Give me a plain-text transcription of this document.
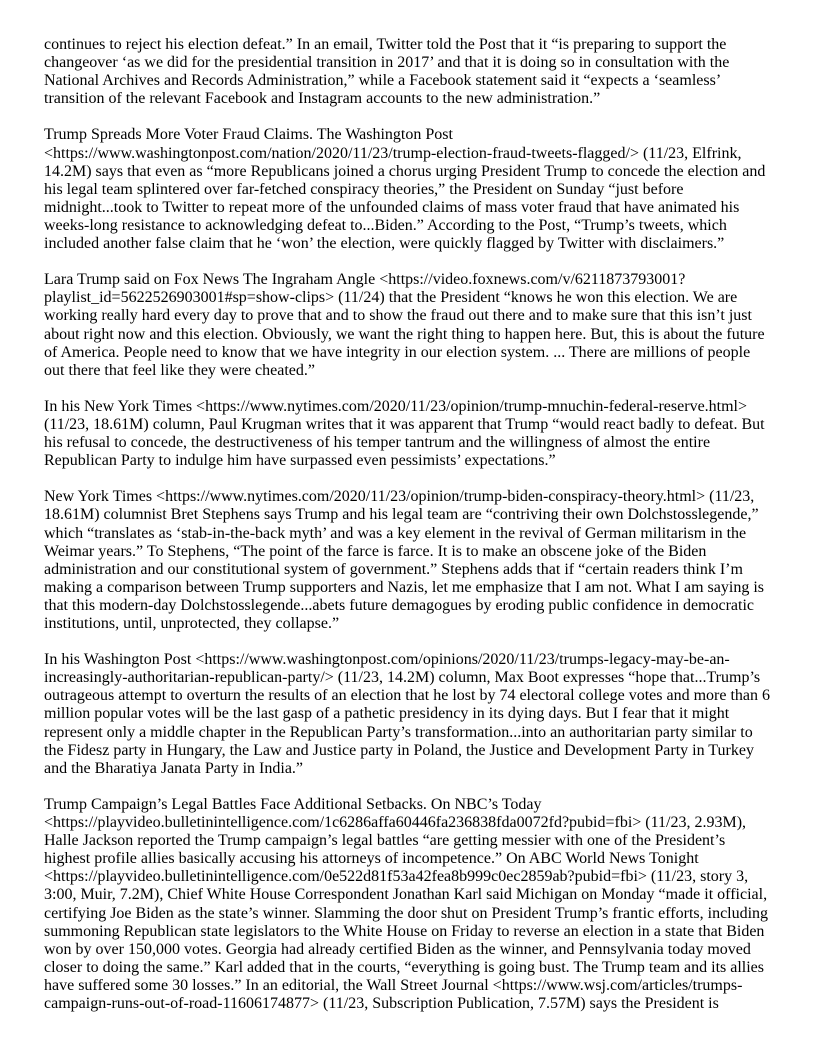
continues to reject his election defeat.” In an email, Twitter told the Post that it “is preparing to support the
changeover ‘as we did for the presidential transition in 2017’ and that it is doing so in consultation with the
National Archives and Records Administration,” while a Facebook statement said it “expects a ‘seamless’
transition of the relevant Facebook and Instagram accounts to the new administration.”
Trump Spreads More Voter Fraud Claims. The Washington Post
<https://www.washingtonpost.com/nation/2020/11/23/trump-election-fraud-tweets-flagged/> (11/23, Elfrink,
14.2M) says that even as “more Republicans joined a chorus urging President Trump to concede the election and
his legal team splintered over far-fetched conspiracy theories,” the President on Sunday “just before
midnight...took to Twitter to repeat more of the unfounded claims of mass voter fraud that have animated his
weeks-long resistance to acknowledging defeat to...Biden.” According to the Post, “Trump’s tweets, which
included another false claim that he ‘won’ the election, were quickly flagged by Twitter with disclaimers.”
Lara Trump said on Fox News The Ingraham Angle <https://video.foxnews.com/v/6211873793001?
playlist_id=5622526903001#sp=show-clips> (11/24) that the President “knows he won this election. We are
working really hard every day to prove that and to show the fraud out there and to make sure that this isn’t just
about right now and this election. Obviously, we want the right thing to happen here. But, this is about the future
of America. People need to know that we have integrity in our election system. ... There are millions of people
out there that feel like they were cheated.”
In his New York Times <https://www.nytimes.com/2020/11/23/opinion/trump-mnuchin-federal-reserve.html>
(11/23, 18.61M) column, Paul Krugman writes that it was apparent that Trump “would react badly to defeat. But
his refusal to concede, the destructiveness of his temper tantrum and the willingness of almost the entire
Republican Party to indulge him have surpassed even pessimists’ expectations.”
New York Times <https://www.nytimes.com/2020/11/23/opinion/trump-biden-conspiracy-theory.html> (11/23,
18.61M) columnist Bret Stephens says Trump and his legal team are “contriving their own Dolchstosslegende,”
which “translates as ‘stab-in-the-back myth’ and was a key element in the revival of German militarism in the
Weimar years.” To Stephens, “The point of the farce is farce. It is to make an obscene joke of the Biden
administration and our constitutional system of government.” Stephens adds that if “certain readers think I’m
making a comparison between Trump supporters and Nazis, let me emphasize that I am not. What I am saying is
that this modern-day Dolchstosslegende...abets future demagogues by eroding public confidence in democratic
institutions, until, unprotected, they collapse.”
In his Washington Post <https://www.washingtonpost.com/opinions/2020/11/23/trumps-legacy-may-be-an-
increasingly-authoritarian-republican-party/> (11/23, 14.2M) column, Max Boot expresses “hope that...Trump’s
outrageous attempt to overturn the results of an election that he lost by 74 electoral college votes and more than 6
million popular votes will be the last gasp of a pathetic presidency in its dying days. But I fear that it might
represent only a middle chapter in the Republican Party’s transformation...into an authoritarian party similar to
the Fidesz party in Hungary, the Law and Justice party in Poland, the Justice and Development Party in Turkey
and the Bharatiya Janata Party in India.”
Trump Campaign’s Legal Battles Face Additional Setbacks. On NBC’s Today
<https://playvideo.bulletinintelligence.com/1c6286affa60446fa236838fda0072fd?pubid=fbi> (11/23, 2.93M),
Halle Jackson reported the Trump campaign’s legal battles “are getting messier with one of the President’s
highest profile allies basically accusing his attorneys of incompetence.” On ABC World News Tonight
<https://playvideo.bulletinintelligence.com/0e522d81f53a42fea8b999c0ec2859ab?pubid=fbi> (11/23, story 3,
3:00, Muir, 7.2M), Chief White House Correspondent Jonathan Karl said Michigan on Monday “made it official,
certifying Joe Biden as the state’s winner. Slamming the door shut on President Trump’s frantic efforts, including
summoning Republican state legislators to the White House on Friday to reverse an election in a state that Biden
won by over 150,000 votes. Georgia had already certified Biden as the winner, and Pennsylvania today moved
closer to doing the same.” Karl added that in the courts, “everything is going bust. The Trump team and its allies
have suffered some 30 losses.” In an editorial, the Wall Street Journal <https://www.wsj.com/articles/trumps-
campaign-runs-out-of-road-11606174877> (11/23, Subscription Publication, 7.57M) says the President is
